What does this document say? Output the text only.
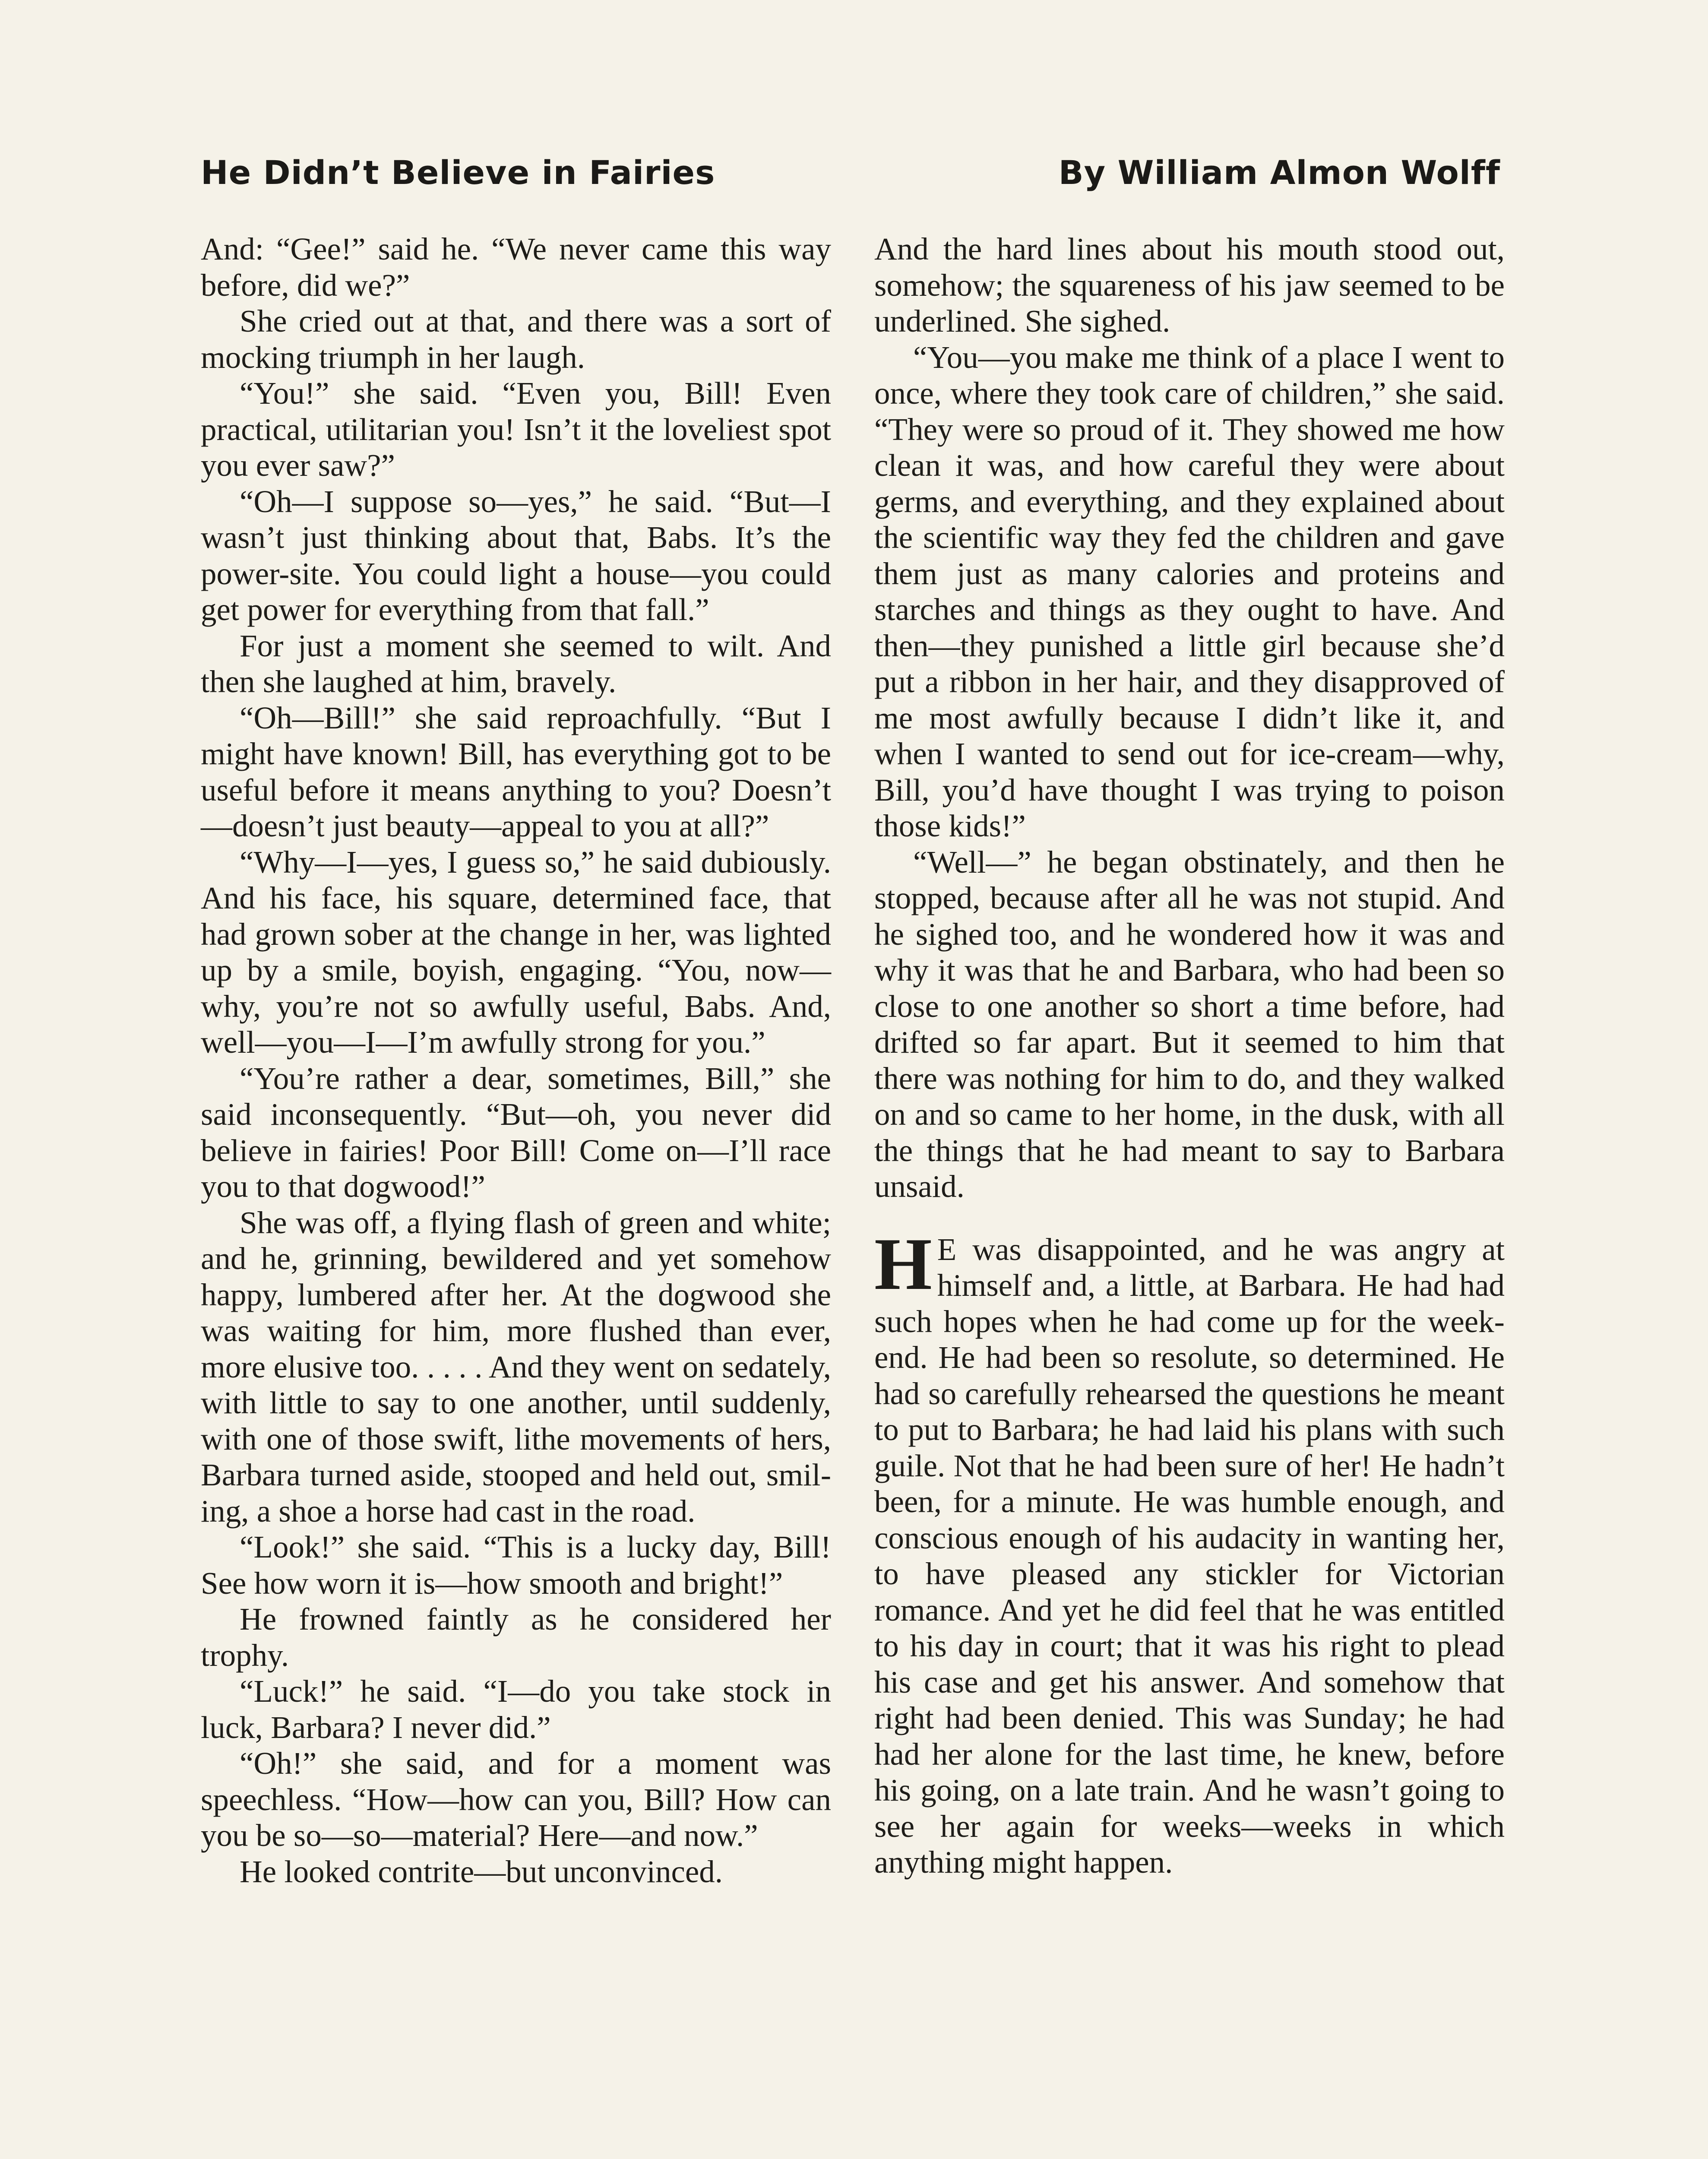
He Didn’t Believe in Fairies	By William Almon Wolff

And: “Gee!” said he. “We never came this way before, did we?”

She cried out at that, and there was a sort of mocking triumph in her laugh.

“You!” she said. “Even you, Bill! Even practical, utilitarian you! Isn’t it the loveliest spot you ever saw?”

“Oh—I suppose so—yes,” he said. “But—I wasn’t just thinking about that, Babs. It’s the power-site. You could light a house—you could get power for everything from that fall.”

For just a moment she seemed to wilt. And then she laughed at him, bravely.

“Oh—Bill!” she said reproachfully. “But I might have known! Bill, has everything got to be useful before it means anything to you? Doesn’t—doesn’t just beauty—appeal to you at all?”

“Why—I—yes, I guess so,” he said dubiously. And his face, his square, determined face, that had grown sober at the change in her, was lighted up by a smile, boyish, engaging. “You, now—why, you’re not so awfully useful, Babs. And, well—you—I—I’m awfully strong for you.”

“You’re rather a dear, sometimes, Bill,” she said inconsequently. “But—oh, you never did believe in fairies! Poor Bill! Come on—I’ll race you to that dogwood!”

She was off, a flying flash of green and white; and he, grinning, bewildered and yet somehow happy, lumbered after her. At the dogwood she was waiting for him, more flushed than ever, more elusive too. . . . . And they went on sedately, with little to say to one another, until suddenly, with one of those swift, lithe movements of hers, Barbara turned aside, stooped and held out, smiling, a shoe a horse had cast in the road.

“Look!” she said. “This is a lucky day, Bill! See how worn it is—how smooth and bright!”

He frowned faintly as he considered her trophy.

“Luck!” he said. “I—do you take stock in luck, Barbara? I never did.”

“Oh!” she said, and for a moment was speechless. “How—how can you, Bill? How can you be so—so—material? Here—and now.”

He looked contrite—but unconvinced.

And the hard lines about his mouth stood out, somehow; the squareness of his jaw seemed to be underlined. She sighed.

“You—you make me think of a place I went to once, where they took care of children,” she said. “They were so proud of it. They showed me how clean it was, and how careful they were about germs, and everything, and they explained about the scientific way they fed the children and gave them just as many calories and proteins and starches and things as they ought to have. And then—they punished a little girl because she’d put a ribbon in her hair, and they disapproved of me most awfully because I didn’t like it, and when I wanted to send out for ice-cream—why, Bill, you’d have thought I was trying to poison those kids!”

“Well—” he began obstinately, and then he stopped, because after all he was not stupid. And he sighed too, and he wondered how it was and why it was that he and Barbara, who had been so close to one another so short a time before, had drifted so far apart. But it seemed to him that there was nothing for him to do, and they walked on and so came to her home, in the dusk, with all the things that he had meant to say to Barbara unsaid.

H E was disappointed, and he was angry at himself and, a little, at Barbara. He had had such hopes when he had come up for the week-end. He had been so resolute, so determined. He had so carefully rehearsed the questions he meant to put to Barbara; he had laid his plans with such guile. Not that he had been sure of her! He hadn’t been, for a minute. He was humble enough, and conscious enough of his audacity in wanting her, to have pleased any stickler for Victorian romance. And yet he did feel that he was entitled to his day in court; that it was his right to plead his case and get his answer. And somehow that right had been denied. This was Sunday; he had had her alone for the last time, he knew, before his going, on a late train. And he wasn’t going to see her again for weeks—weeks in which anything might happen.
